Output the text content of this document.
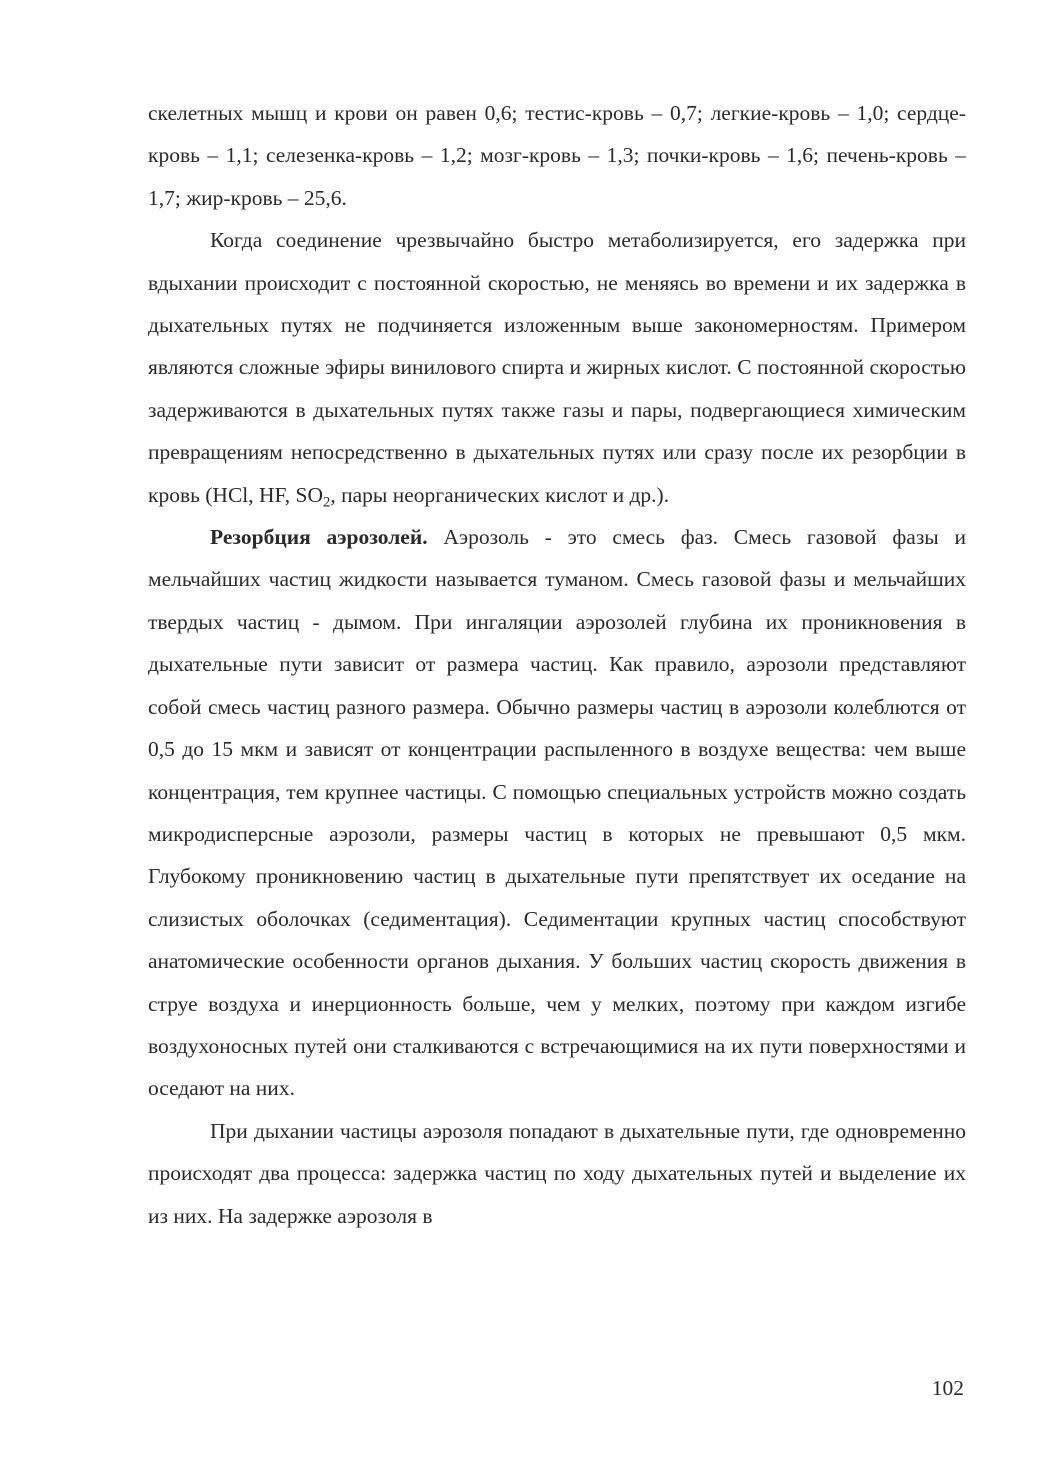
скелетных мышц и крови он равен 0,6; тестис-кровь – 0,7; легкие-кровь – 1,0; сердце-кровь – 1,1; селезенка-кровь – 1,2; мозг-кровь – 1,3; почки-кровь – 1,6; печень-кровь – 1,7; жир-кровь – 25,6.

Когда соединение чрезвычайно быстро метаболизируется, его задержка при вдыхании происходит с постоянной скоростью, не меняясь во времени и их задержка в дыхательных путях не подчиняется изложенным выше закономерностям. Примером являются сложные эфиры винилового спирта и жирных кислот. С постоянной скоростью задерживаются в дыхательных путях также газы и пары, подвергающиеся химическим превращениям непосредственно в дыхательных путях или сразу после их резорбции в кровь (HCl, HF, $SO_2$, пары неорганических кислот и др.).

Резорбция аэрозолей. Аэрозоль - это смесь фаз. Смесь газовой фазы и мельчайших частиц жидкости называется туманом. Смесь газовой фазы и мельчайших твердых частиц - дымом. При ингаляции аэрозолей глубина их проникновения в дыхательные пути зависит от размера частиц. Как правило, аэрозоли представляют собой смесь частиц разного размера. Обычно размеры частиц в аэрозоли колеблются от 0,5 до 15 мкм и зависят от концентрации распыленного в воздухе вещества: чем выше концентрация, тем крупнее частицы. С помощью специальных устройств можно создать микродисперсные аэрозоли, размеры частиц в которых не превышают 0,5 мкм. Глубокому проникновению частиц в дыхательные пути препятствует их оседание на слизистых оболочках (седиментация). Седиментации крупных частиц способствуют анатомические особенности органов дыхания. У больших частиц скорость движения в струе воздуха и инерционность больше, чем у мелких, поэтому при каждом изгибе воздухоносных путей они сталкиваются с встречающимися на их пути поверхностями и оседают на них.

При дыхании частицы аэрозоля попадают в дыхательные пути, где одновременно происходят два процесса: задержка частиц по ходу дыхательных путей и выделение их из них. На задержке аэрозоля в

102
